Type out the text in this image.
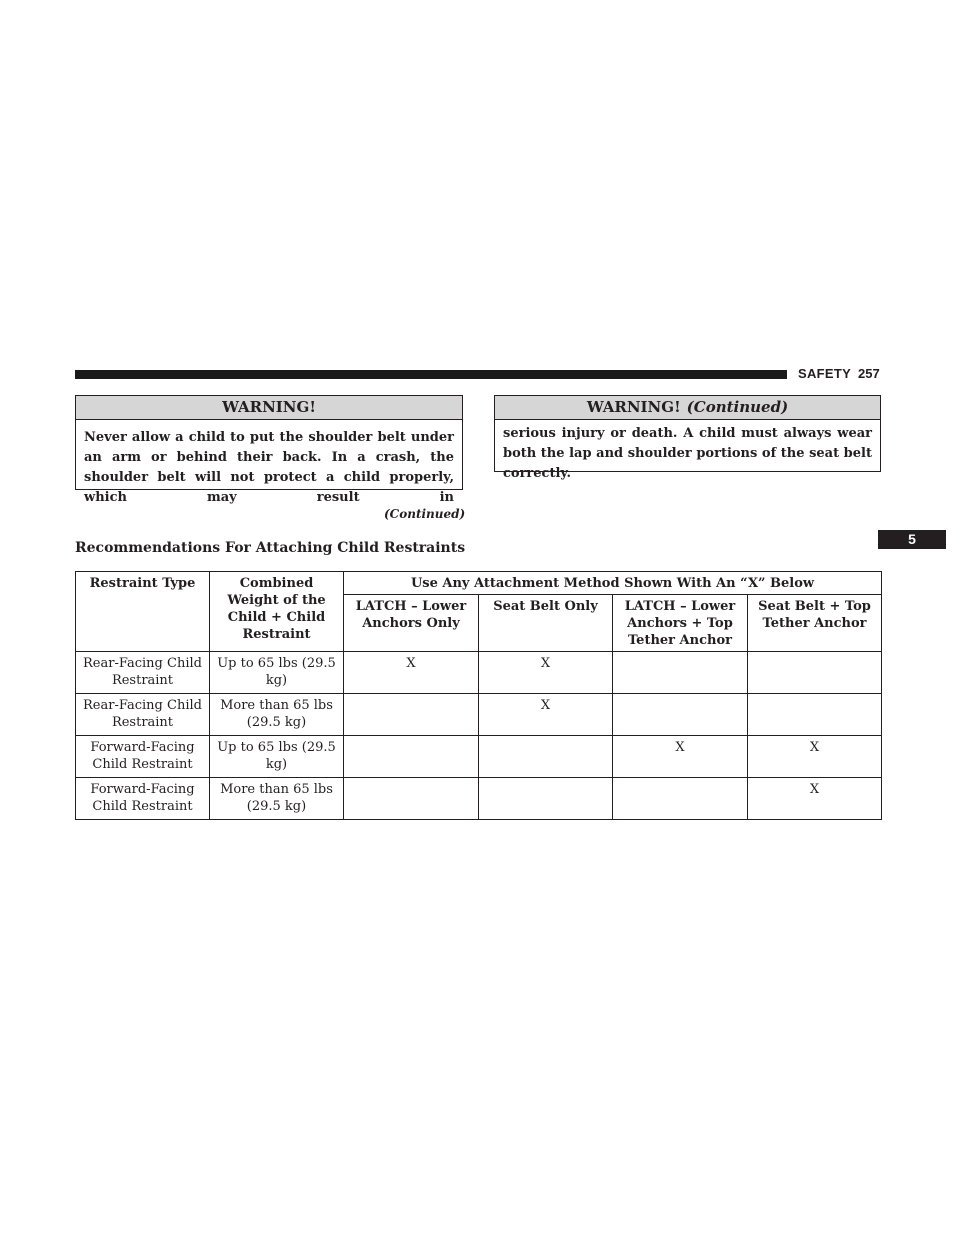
SAFETY 257
WARNING!
Never allow a child to put the shoulder belt under an arm or behind their back. In a crash, the shoulder belt will not protect a child properly, which may result in
(Continued)
WARNING! (Continued)
serious injury or death. A child must always wear both the lap and shoulder portions of the seat belt correctly.
Recommendations For Attaching Child Restraints
5
Restraint Type	Combined Weight of the Child + Child Restraint	Use Any Attachment Method Shown With An “X” Below			
		LATCH – Lower Anchors Only	Seat Belt Only	LATCH – Lower Anchors + Top Tether Anchor	Seat Belt + Top Tether Anchor
Rear-Facing Child Restraint	Up to 65 lbs (29.5 kg)	X	X		
Rear-Facing Child Restraint	More than 65 lbs (29.5 kg)		X		
Forward-Facing Child Restraint	Up to 65 lbs (29.5 kg)			X	X
Forward-Facing Child Restraint	More than 65 lbs (29.5 kg)				X
